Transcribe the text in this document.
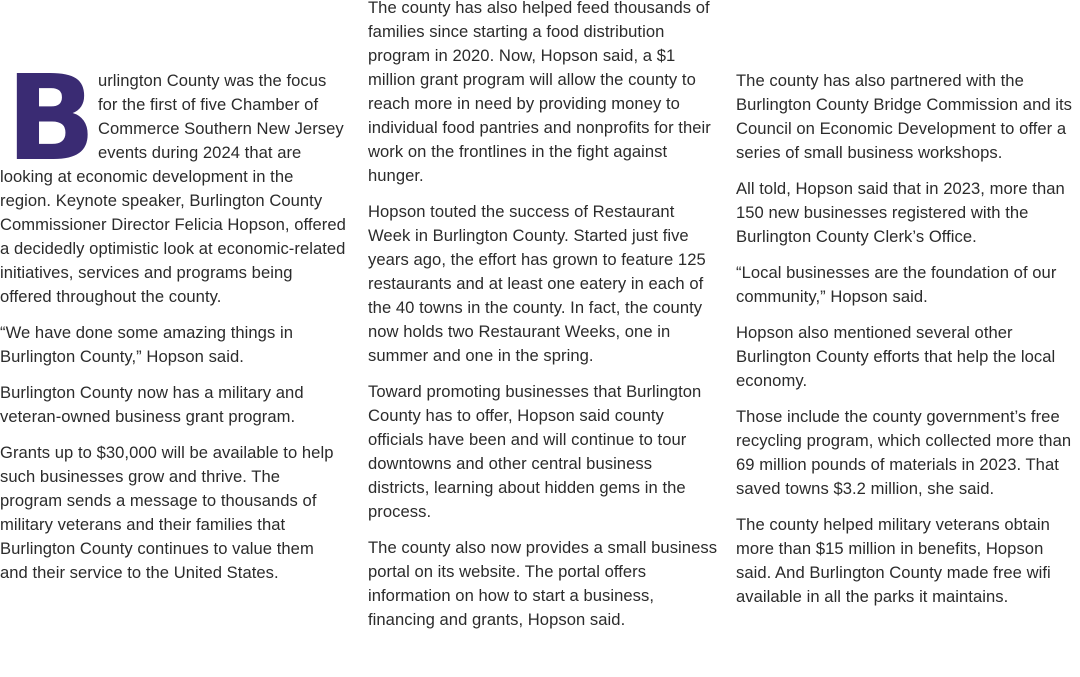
Burlington County was the focus for the first of five Chamber of Commerce Southern New Jersey events during 2024 that are looking at economic development in the region. Keynote speaker, Burlington County Commissioner Director Felicia Hopson, offered a decidedly optimistic look at economic-related initiatives, services and programs being offered throughout the county.

“We have done some amazing things in Burlington County,” Hopson said.

Burlington County now has a military and veteran-owned business grant program.

Grants up to $30,000 will be available to help such businesses grow and thrive. The program sends a message to thousands of military veterans and their families that Burlington County continues to value them and their service to the United States.

The county has also helped feed thousands of families since starting a food distribution program in 2020. Now, Hopson said, a $1 million grant program will allow the county to reach more in need by providing money to individual food pantries and nonprofits for their work on the frontlines in the fight against hunger.

Hopson touted the success of Restaurant Week in Burlington County. Started just five years ago, the effort has grown to feature 125 restaurants and at least one eatery in each of the 40 towns in the county. In fact, the county now holds two Restaurant Weeks, one in summer and one in the spring.

Toward promoting businesses that Burlington County has to offer, Hopson said county officials have been and will continue to tour downtowns and other central business districts, learning about hidden gems in the process.

The county also now provides a small business portal on its website. The portal offers information on how to start a business, financing and grants, Hopson said.

The county has also partnered with the Burlington County Bridge Commission and its Council on Economic Development to offer a series of small business workshops.

All told, Hopson said that in 2023, more than 150 new businesses registered with the Burlington County Clerk’s Office.

“Local businesses are the foundation of our community,” Hopson said.

Hopson also mentioned several other Burlington County efforts that help the local economy.

Those include the county government’s free recycling program, which collected more than 69 million pounds of materials in 2023. That saved towns $3.2 million, she said.

The county helped military veterans obtain more than $15 million in benefits, Hopson said. And Burlington County made free wifi available in all the parks it maintains.
